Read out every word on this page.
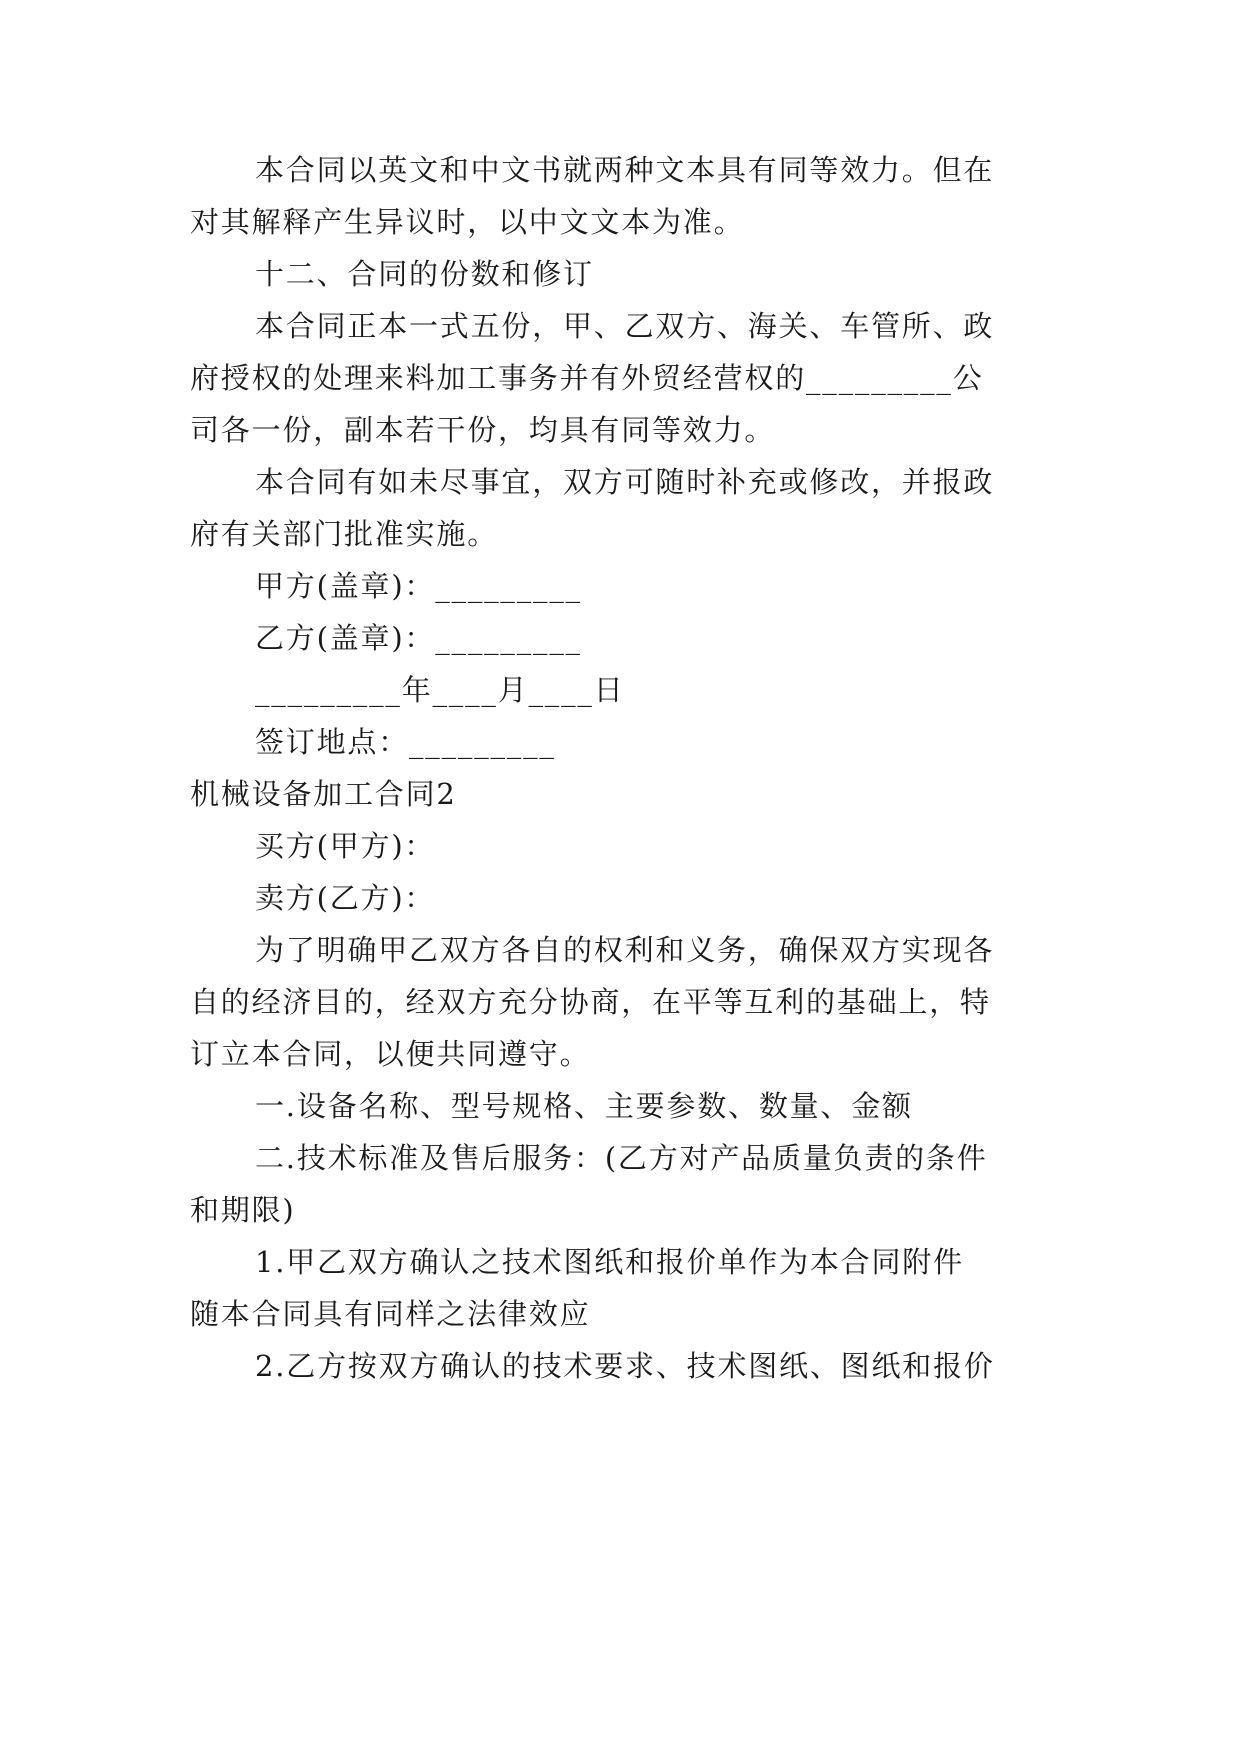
本合同以英文和中文书就两种文本具有同等效力。但在
对其解释产生异议时，以中文文本为准。
十二、合同的份数和修订
本合同正本一式五份，甲、乙双方、海关、车管所、政
府授权的处理来料加工事务并有外贸经营权的_________公
司各一份，副本若干份，均具有同等效力。
本合同有如未尽事宜，双方可随时补充或修改，并报政
府有关部门批准实施。
甲方(盖章)：_________
乙方(盖章)：_________
_________年____月____日
签订地点：_________
机械设备加工合同2
买方(甲方)：
卖方(乙方)：
为了明确甲乙双方各自的权利和义务，确保双方实现各
自的经济目的，经双方充分协商，在平等互利的基础上，特
订立本合同，以便共同遵守。
一.设备名称、型号规格、主要参数、数量、金额
二.技术标准及售后服务：(乙方对产品质量负责的条件
和期限)
1.甲乙双方确认之技术图纸和报价单作为本合同附件
随本合同具有同样之法律效应
2.乙方按双方确认的技术要求、技术图纸、图纸和报价
